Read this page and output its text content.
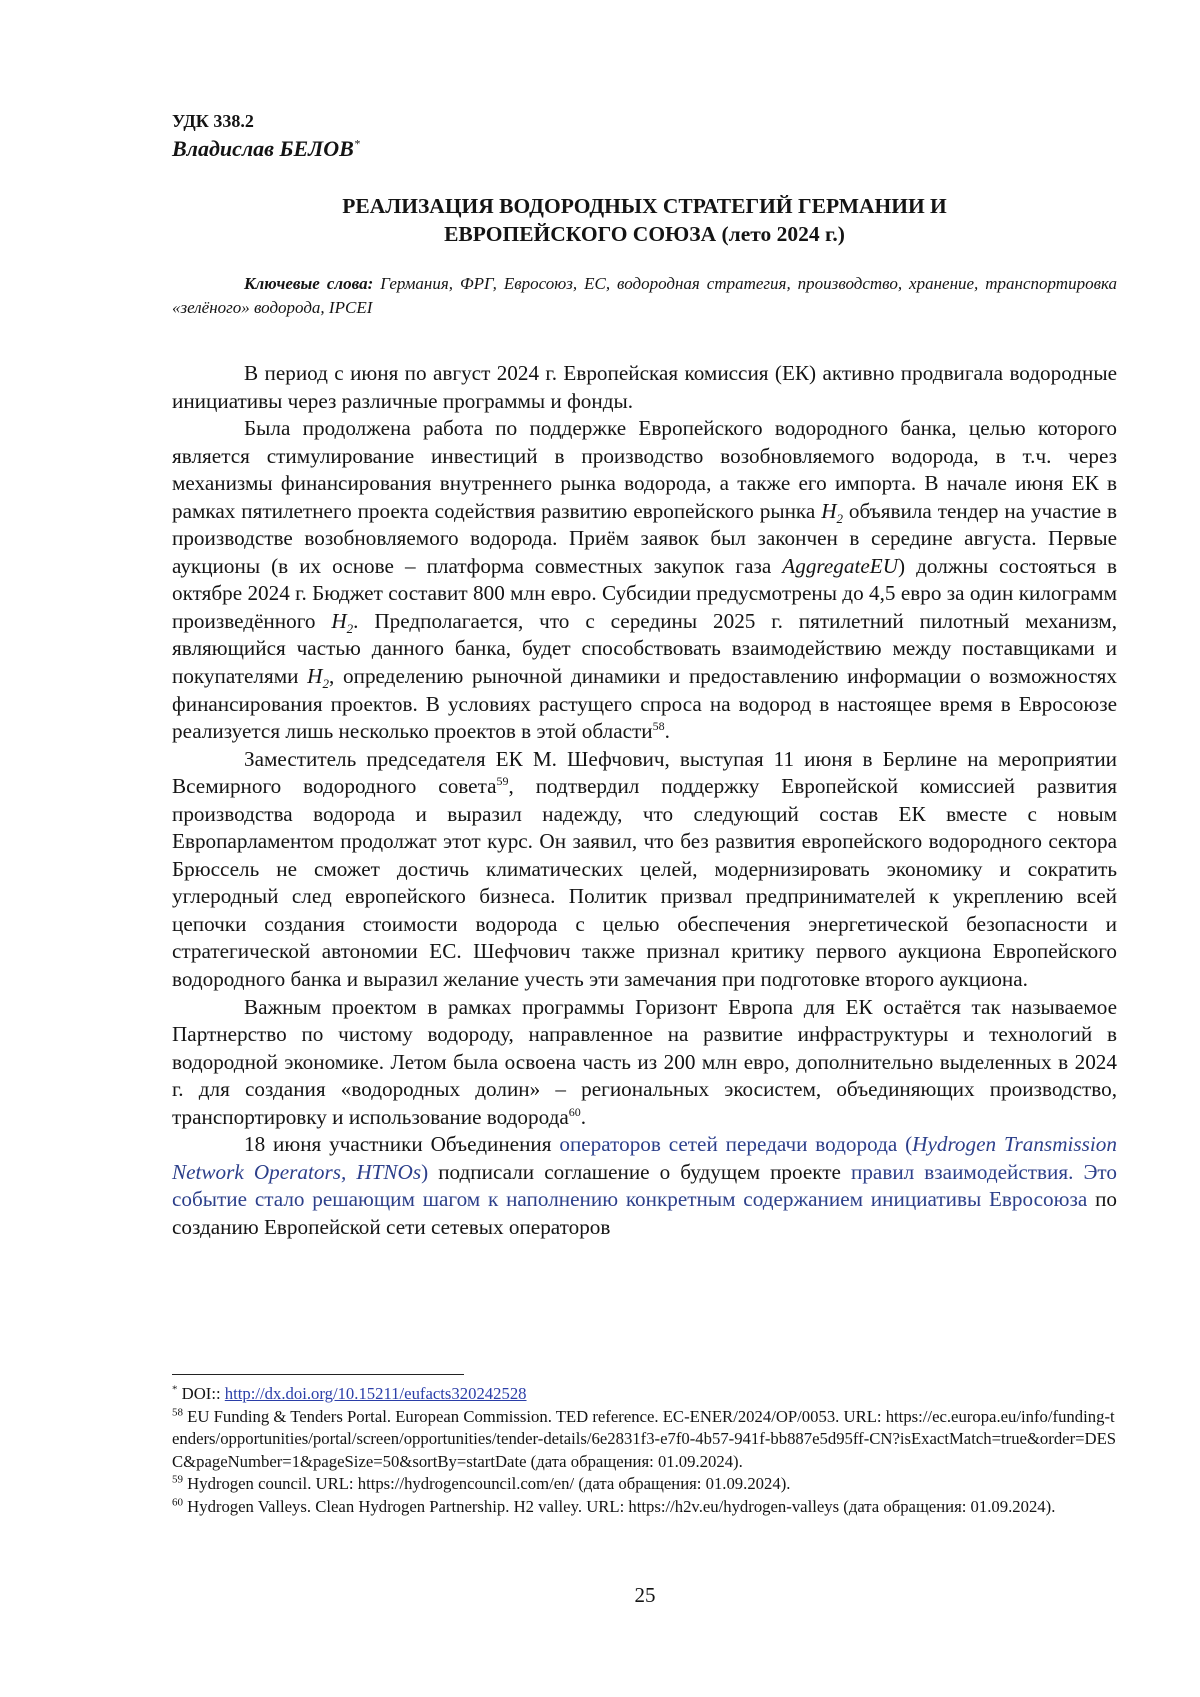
УДК 338.2
Владислав БЕЛОВ*
РЕАЛИЗАЦИЯ ВОДОРОДНЫХ СТРАТЕГИЙ ГЕРМАНИИ И
ЕВРОПЕЙСКОГО СОЮЗА (лето 2024 г.)
Ключевые слова: Германия, ФРГ, Евросоюз, ЕС, водородная стратегия, производство, хранение, транспортировка «зелёного» водорода, IPCEI

В период с июня по август 2024 г. Европейская комиссия (ЕК) активно продвигала водородные инициативы через различные программы и фонды.

Была продолжена работа по поддержке Европейского водородного банка, целью которого является стимулирование инвестиций в производство возобновляемого водорода, в т.ч. через механизмы финансирования внутреннего рынка водорода, а также его импорта. В начале июня ЕК в рамках пятилетнего проекта содействия развитию европейского рынка $H_2$ объявила тендер на участие в производстве возобновляемого водорода. Приём заявок был закончен в середине августа. Первые аукционы (в их основе – платформа совместных закупок газа AggregateEU) должны состояться в октябре 2024 г. Бюджет составит 800 млн евро. Субсидии предусмотрены до 4,5 евро за один килограмм произведённого $H_2$. Предполагается, что с середины 2025 г. пятилетний пилотный механизм, являющийся частью данного банка, будет способствовать взаимодействию между поставщиками и покупателями $H_2$, определению рыночной динамики и предоставлению информации о возможностях финансирования проектов. В условиях растущего спроса на водород в настоящее время в Евросоюзе реализуется лишь несколько проектов в этой области$^{58}$.

Заместитель председателя ЕК М. Шефчович, выступая 11 июня в Берлине на мероприятии Всемирного водородного совета$^{59}$, подтвердил поддержку Европейской комиссией развития производства водорода и выразил надежду, что следующий состав ЕК вместе с новым Европарламентом продолжат этот курс. Он заявил, что без развития европейского водородного сектора Брюссель не сможет достичь климатических целей, модернизировать экономику и сократить углеродный след европейского бизнеса. Политик призвал предпринимателей к укреплению всей цепочки создания стоимости водорода с целью обеспечения энергетической безопасности и стратегической автономии ЕС. Шефчович также признал критику первого аукциона Европейского водородного банка и выразил желание учесть эти замечания при подготовке второго аукциона.

Важным проектом в рамках программы Горизонт Европа для ЕК остаётся так называемое Партнерство по чистому водороду, направленное на развитие инфраструктуры и технологий в водородной экономике. Летом была освоена часть из 200 млн евро, дополнительно выделенных в 2024 г. для создания «водородных долин» – региональных экосистем, объединяющих производство, транспортировку и использование водорода$^{60}$.

18 июня участники Объединения операторов сетей передачи водорода (Hydrogen Transmission Network Operators, HTNOs) подписали соглашение о будущем проекте правил взаимодействия. Это событие стало решающим шагом к наполнению конкретным содержанием инициативы Евросоюза по созданию Европейской сети сетевых операторов

* DOI:: http://dx.doi.org/10.15211/eufacts320242528

$^{58}$ EU Funding & Tenders Portal. European Commission. TED reference. EC-ENER/2024/OP/0053. URL: https://ec.europa.eu/info/funding-tenders/opportunities/portal/screen/opportunities/tender-details/6e2831f3-e7f0-4b57-941f-bb887e5d95ff-CN?isExactMatch=true&order=DESC&pageNumber=1&pageSize=50&sortBy=startDate (дата обращения: 01.09.2024).

$^{59}$ Hydrogen council. URL: https://hydrogencouncil.com/en/ (дата обращения: 01.09.2024).

$^{60}$ Hydrogen Valleys. Clean Hydrogen Partnership. H2 valley. URL: https://h2v.eu/hydrogen-valleys (дата обращения: 01.09.2024).

25
